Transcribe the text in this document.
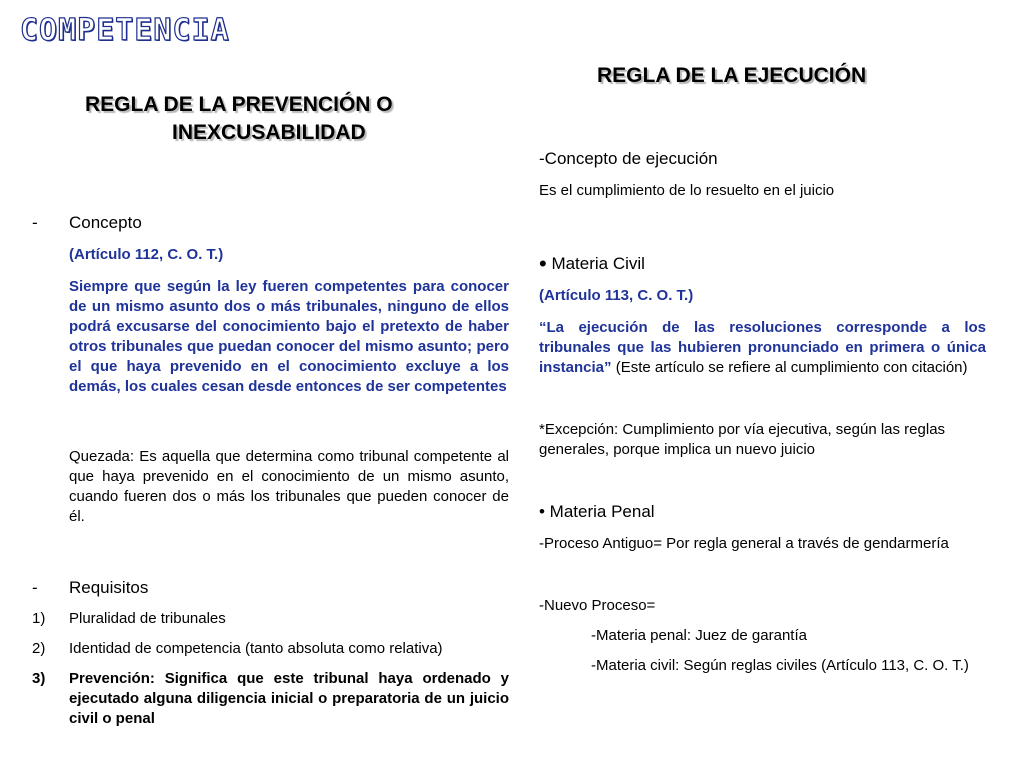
COMPETENCIA
REGLA DE LA PREVENCIÓN O
INEXCUSABILIDAD
REGLA DE LA EJECUCIÓN
-	Concepto

(Artículo 112, C. O. T.)

Siempre que según la ley fueren competentes para conocer de un mismo asunto dos o más tribunales, ninguno de ellos podrá excusarse del conocimiento bajo el pretexto de haber otros tribunales que puedan conocer del mismo asunto; pero el que haya prevenido en el conocimiento excluye a los demás, los cuales cesan desde entonces de ser competentes

Quezada: Es aquella que determina como tribunal competente al que haya prevenido en el conocimiento de un mismo asunto, cuando fueren dos o más los tribunales que pueden conocer de él.

-	Requisitos
1)	Pluralidad de tribunales
2)	Identidad de competencia (tanto absoluta como relativa)
3)	Prevención: Significa que este tribunal haya ordenado y ejecutado alguna diligencia inicial o preparatoria de un juicio civil o penal

-Concepto de ejecución

Es el cumplimiento de lo resuelto en el juicio

• Materia Civil

(Artículo 113, C. O. T.)

“La ejecución de las resoluciones corresponde a los tribunales que las hubieren pronunciado en primera o única instancia” (Este artículo se refiere al cumplimiento con citación)

*Excepción: Cumplimiento por vía ejecutiva, según las reglas generales, porque implica un nuevo juicio

• Materia Penal

-Proceso Antiguo= Por regla general a través de gendarmería

-Nuevo Proceso=

-Materia penal: Juez de garantía

-Materia civil: Según reglas civiles (Artículo 113, C. O. T.)
